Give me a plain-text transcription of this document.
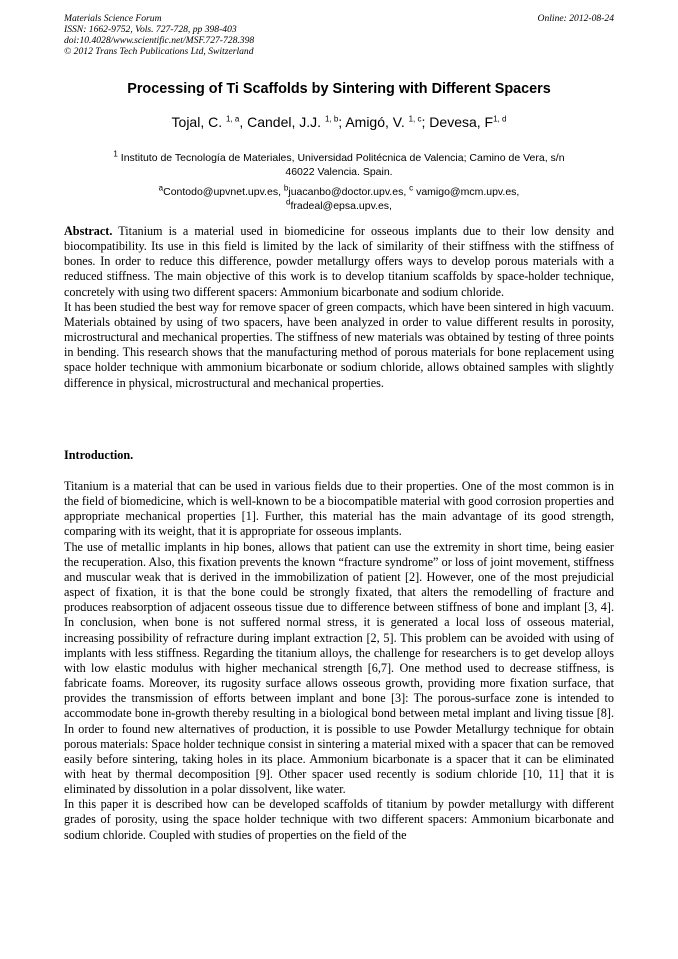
Materials Science Forum
ISSN: 1662-9752, Vols. 727-728, pp 398-403
doi:10.4028/www.scientific.net/MSF.727-728.398
© 2012 Trans Tech Publications Ltd, Switzerland
Online: 2012-08-24
Processing of Ti Scaffolds by Sintering with Different Spacers
Tojal, C. $^{1, a}$, Candel, J.J. $^{1, b}$; Amigó, V. $^{1, c}$; Devesa, F$^{1, d}$
$^1$ Instituto de Tecnología de Materiales, Universidad Politécnica de Valencia; Camino de Vera, s/n
46022 Valencia. Spain.
$^a$Contodo@upvnet.upv.es, $^b$juacanbo@doctor.upv.es, $^c$ vamigo@mcm.upv.es,
$^d$fradeal@epsa.upv.es,

Abstract. Titanium is a material used in biomedicine for osseous implants due to their low density and biocompatibility. Its use in this field is limited by the lack of similarity of their stiffness with the stiffness of bones. In order to reduce this difference, powder metallurgy offers ways to develop porous materials with a reduced stiffness. The main objective of this work is to develop titanium scaffolds by space-holder technique, concretely with using two different spacers: Ammonium bicarbonate and sodium chloride.

It has been studied the best way for remove spacer of green compacts, which have been sintered in high vacuum. Materials obtained by using of two spacers, have been analyzed in order to value different results in porosity, microstructural and mechanical properties. The stiffness of new materials was obtained by testing of three points in bending. This research shows that the manufacturing method of porous materials for bone replacement using space holder technique with ammonium bicarbonate or sodium chloride, allows obtained samples with slightly difference in physical, microstructural and mechanical properties.

Introduction.

Titanium is a material that can be used in various fields due to their properties. One of the most common is in the field of biomedicine, which is well-known to be a biocompatible material with good corrosion properties and appropriate mechanical properties [1]. Further, this material has the main advantage of its good strength, comparing with its weight, that it is appropriate for osseous implants.

The use of metallic implants in hip bones, allows that patient can use the extremity in short time, being easier the recuperation. Also, this fixation prevents the known “fracture syndrome” or loss of joint movement, stiffness and muscular weak that is derived in the immobilization of patient [2]. However, one of the most prejudicial aspect of fixation, it is that the bone could be strongly fixated, that alters the remodelling of fracture and produces reabsorption of adjacent osseous tissue due to difference between stiffness of bone and implant [3, 4]. In conclusion, when bone is not suffered normal stress, it is generated a local loss of osseous material, increasing possibility of refracture during implant extraction [2, 5]. This problem can be avoided with using of implants with less stiffness. Regarding the titanium alloys, the challenge for researchers is to get develop alloys with low elastic modulus with higher mechanical strength [6,7]. One method used to decrease stiffness, is fabricate foams. Moreover, its rugosity surface allows osseous growth, providing more fixation surface, that provides the transmission of efforts between implant and bone [3]: The porous-surface zone is intended to accommodate bone in-growth thereby resulting in a biological bond between metal implant and living tissue [8]. In order to found new alternatives of production, it is possible to use Powder Metallurgy technique for obtain porous materials: Space holder technique consist in sintering a material mixed with a spacer that can be removed easily before sintering, taking holes in its place. Ammonium bicarbonate is a spacer that it can be eliminated with heat by thermal decomposition [9]. Other spacer used recently is sodium chloride [10, 11] that it is eliminated by dissolution in a polar dissolvent, like water.

In this paper it is described how can be developed scaffolds of titanium by powder metallurgy with different grades of porosity, using the space holder technique with two different spacers: Ammonium bicarbonate and sodium chloride. Coupled with studies of properties on the field of the
